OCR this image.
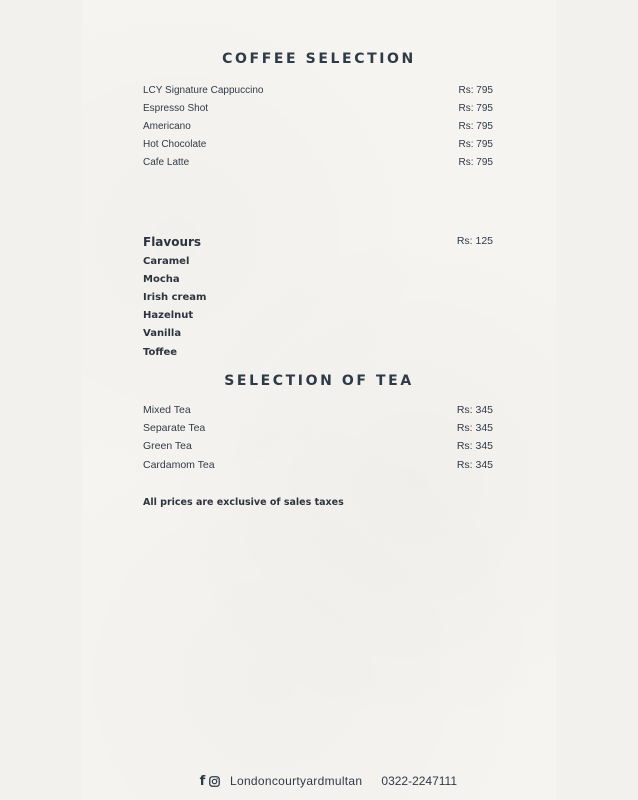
COFFEE SELECTION
LCY Signature Cappuccino	Rs: 795
Espresso Shot	Rs: 795
Americano	Rs: 795
Hot Chocolate	Rs: 795
Cafe Latte	Rs: 795
Flavours	Rs: 125
Caramel
Mocha
Irish cream
Hazelnut
Vanilla
Toffee
SELECTION OF TEA
Mixed Tea	Rs: 345
Separate Tea	Rs: 345
Green Tea	Rs: 345
Cardamom Tea	Rs: 345
All prices are exclusive of sales taxes
f Londoncourtyardmultan 0322-2247111
